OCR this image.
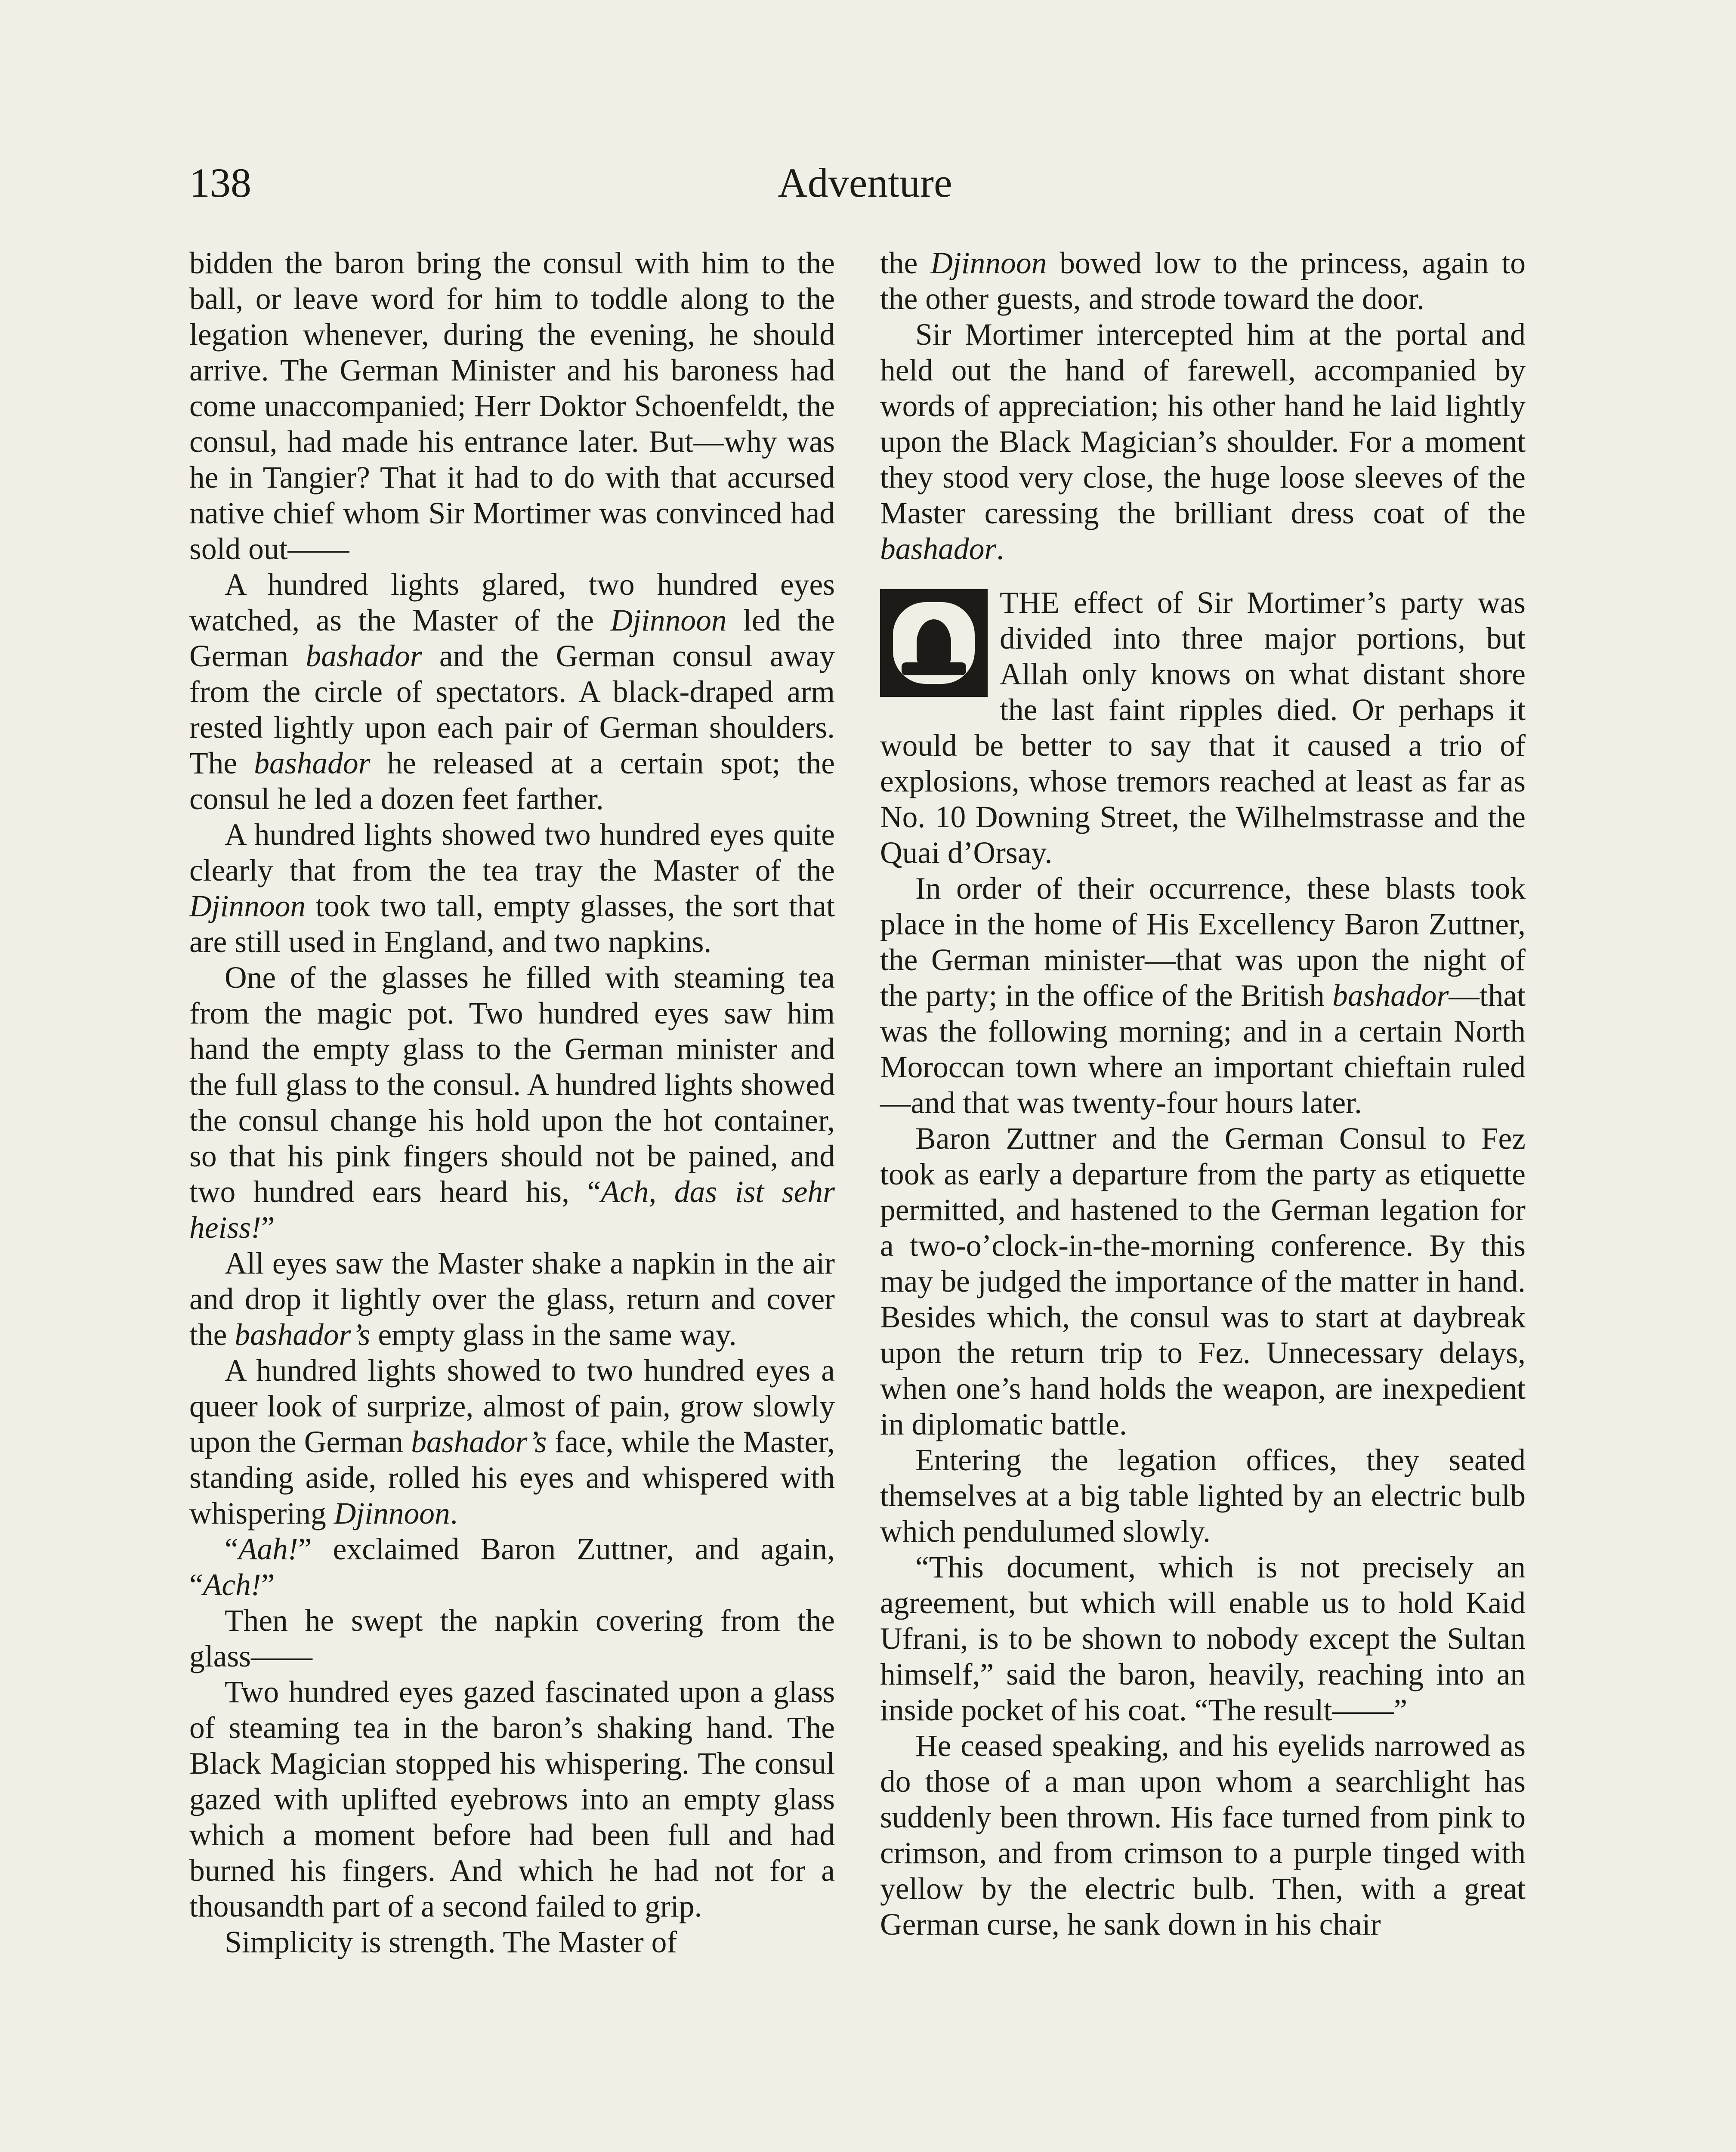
138	Adventure

bidden the baron bring the consul with him to the ball, or leave word for him to toddle along to the legation whenever, during the evening, he should arrive. The German Minister and his baroness had come unaccompanied; Herr Doktor Schoenfeldt, the consul, had made his entrance later. But—why was he in Tangier? That it had to do with that accursed native chief whom Sir Mortimer was convinced had sold out——

A hundred lights glared, two hundred eyes watched, as the Master of the Djinnoon led the German bashador and the German consul away from the circle of spectators. A black-draped arm rested lightly upon each pair of German shoulders. The bashador he released at a certain spot; the consul he led a dozen feet farther.

A hundred lights showed two hundred eyes quite clearly that from the tea tray the Master of the Djinnoon took two tall, empty glasses, the sort that are still used in England, and two napkins.

One of the glasses he filled with steaming tea from the magic pot. Two hundred eyes saw him hand the empty glass to the German minister and the full glass to the consul. A hundred lights showed the consul change his hold upon the hot container, so that his pink fingers should not be pained, and two hundred ears heard his, “Ach, das ist sehr heiss!”

All eyes saw the Master shake a napkin in the air and drop it lightly over the glass, return and cover the bashador’s empty glass in the same way.

A hundred lights showed to two hundred eyes a queer look of surprize, almost of pain, grow slowly upon the German bashador’s face, while the Master, standing aside, rolled his eyes and whispered with whispering Djinnoon.

“Aah!” exclaimed Baron Zuttner, and again, “Ach!”

Then he swept the napkin covering from the glass——

Two hundred eyes gazed fascinated upon a glass of steaming tea in the baron’s shaking hand. The Black Magician stopped his whispering. The consul gazed with uplifted eyebrows into an empty glass which a moment before had been full and had burned his fingers. And which he had not for a thousandth part of a second failed to grip.

Simplicity is strength. The Master of

the Djinnoon bowed low to the princess, again to the other guests, and strode toward the door.

Sir Mortimer intercepted him at the portal and held out the hand of farewell, accompanied by words of appreciation; his other hand he laid lightly upon the Black Magician’s shoulder. For a moment they stood very close, the huge loose sleeves of the Master caressing the brilliant dress coat of the bashador.

THE effect of Sir Mortimer’s party was divided into three major portions, but Allah only knows on what distant shore the last faint ripples died. Or perhaps it would be better to say that it caused a trio of explosions, whose tremors reached at least as far as No. 10 Downing Street, the Wilhelmstrasse and the Quai d’Orsay.

In order of their occurrence, these blasts took place in the home of His Excellency Baron Zuttner, the German minister—that was upon the night of the party; in the office of the British bashador—that was the following morning; and in a certain North Moroccan town where an important chieftain ruled—and that was twenty-four hours later.

Baron Zuttner and the German Consul to Fez took as early a departure from the party as etiquette permitted, and hastened to the German legation for a two-o’clock-in-the-morning conference. By this may be judged the importance of the matter in hand. Besides which, the consul was to start at daybreak upon the return trip to Fez. Unnecessary delays, when one’s hand holds the weapon, are inexpedient in diplomatic battle.

Entering the legation offices, they seated themselves at a big table lighted by an electric bulb which pendulumed slowly.

“This document, which is not precisely an agreement, but which will enable us to hold Kaid Ufrani, is to be shown to nobody except the Sultan himself,” said the baron, heavily, reaching into an inside pocket of his coat. “The result——”

He ceased speaking, and his eyelids narrowed as do those of a man upon whom a searchlight has suddenly been thrown. His face turned from pink to crimson, and from crimson to a purple tinged with yellow by the electric bulb. Then, with a great German curse, he sank down in his chair
